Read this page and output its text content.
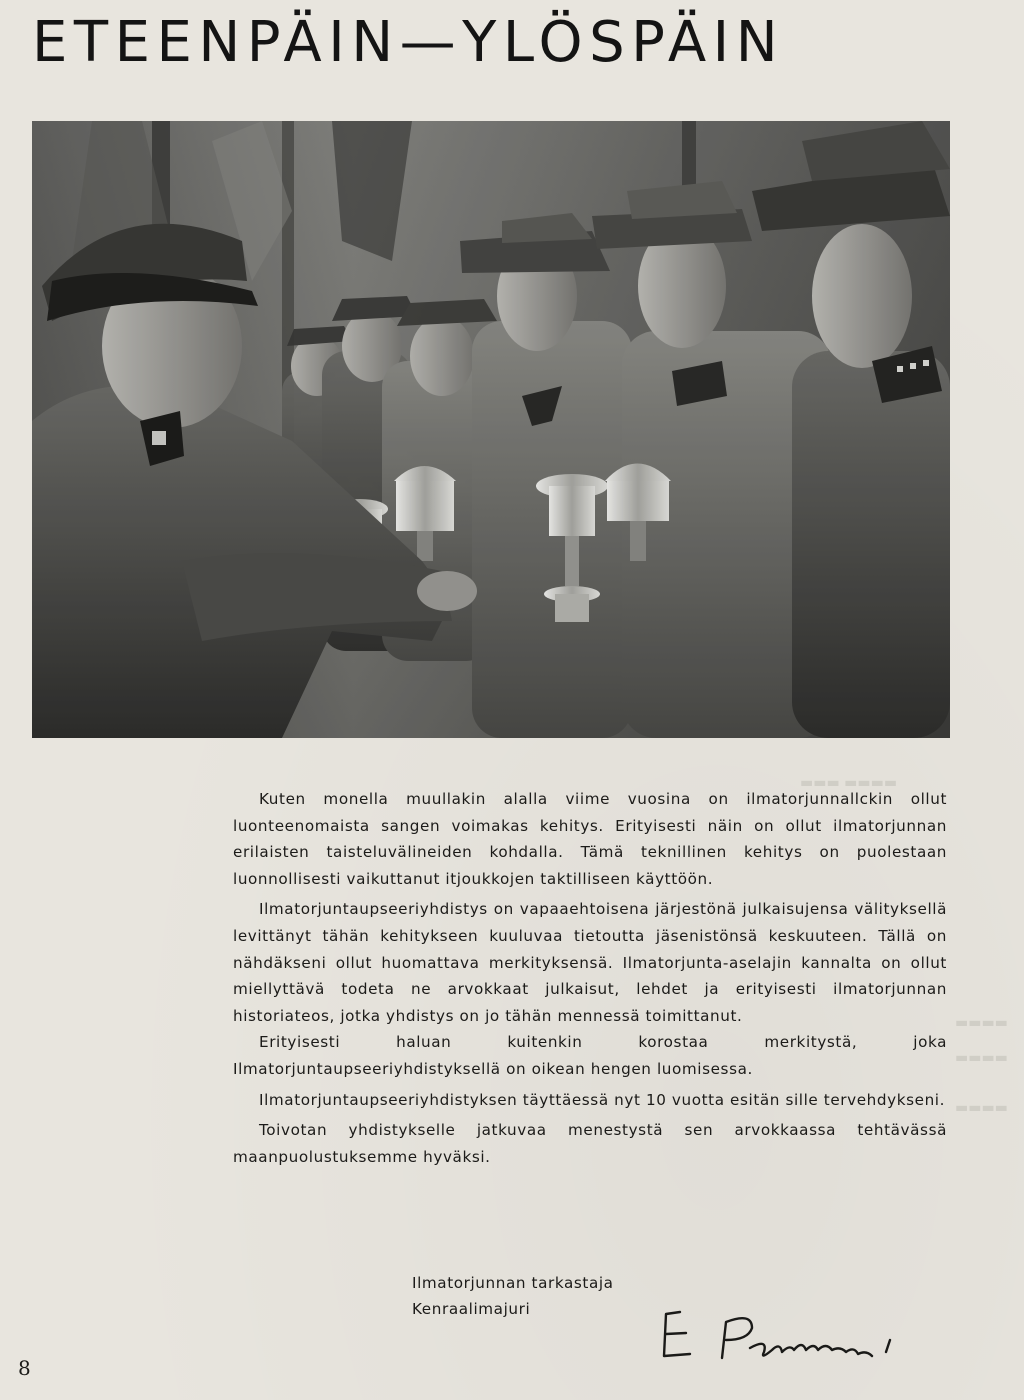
▬▬▬ ▬▬▬▬
▬▬▬▬
▬▬▬▬
▬▬▬▬
ETEENPÄIN—YLÖSPÄIN

Kuten monella muullakin alalla viime vuosina on ilmatorjunnallckin ollut luonteenomaista sangen voimakas kehitys. Erityisesti näin on ollut ilmatorjunnan erilaisten taisteluvälineiden kohdalla. Tämä teknillinen kehitys on puolestaan luonnollisesti vaikuttanut itjoukkojen taktilliseen käyttöön.

Ilmatorjuntaupseeriyhdistys on vapaaehtoisena järjestönä julkaisujensa välityksellä levittänyt tähän kehitykseen kuuluvaa tietoutta jäsenistönsä keskuuteen. Tällä on nähdäkseni ollut huomattava merkityksensä. Ilmatorjunta-aselajin kannalta on ollut miellyttävä todeta ne arvokkaat julkaisut, lehdet ja erityisesti ilmatorjunnan historiateos, jotka yhdistys on jo tähän mennessä toimittanut.

Erityisesti haluan kuitenkin korostaa merkitystä, joka Ilmatorjuntaupseeriyhdistyksellä on oikean hengen luomisessa.

Ilmatorjuntaupseeriyhdistyksen täyttäessä nyt 10 vuotta esitän sille tervehdykseni.

Toivotan yhdistykselle jatkuvaa menestystä sen arvokkaassa tehtävässä maanpuolustuksemme hyväksi.

Ilmatorjunnan tarkastaja
Kenraalimajuri
8
